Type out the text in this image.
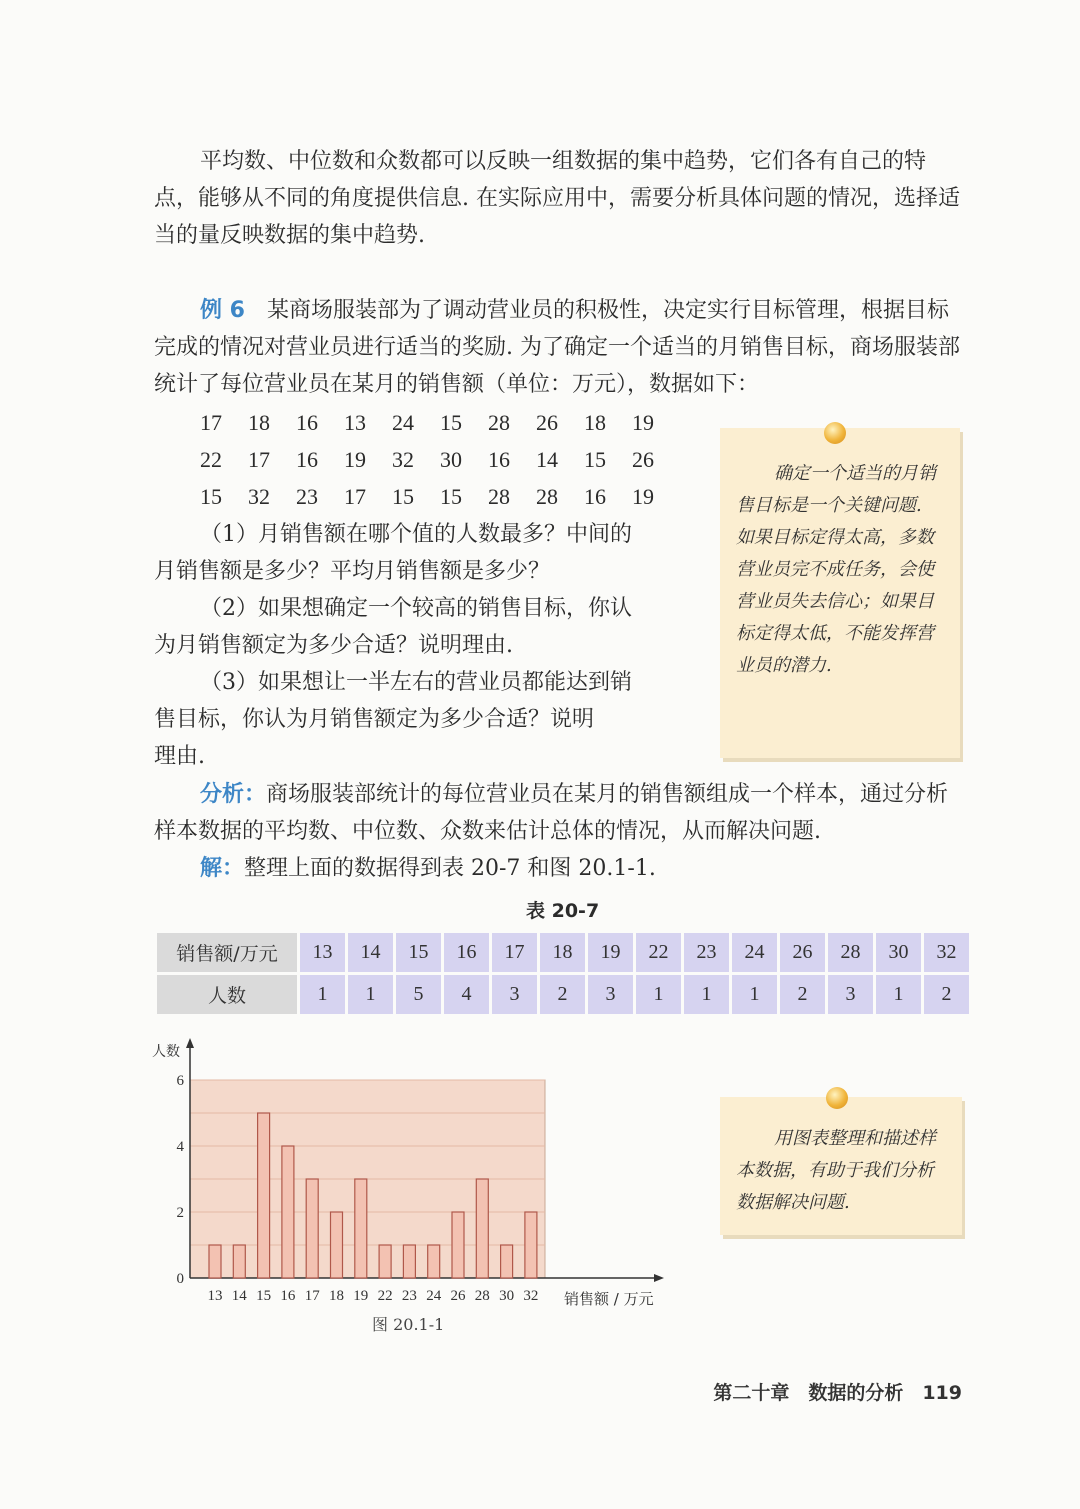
平均数、中位数和众数都可以反映一组数据的集中趋势，它们各有自己的特点，能够从不同的角度提供信息. 在实际应用中，需要分析具体问题的情况，选择适当的量反映数据的集中趋势.

例 6　 某商场服装部为了调动营业员的积极性，决定实行目标管理，根据目标完成的情况对营业员进行适当的奖励. 为了确定一个适当的月销售目标，商场服装部统计了每位营业员在某月的销售额（单位：万元），数据如下：

17 18 16 13 24 15 28 26 18 19
22 17 16 19 32 30 16 14 15 26
15 32 23 17 15 15 28 28 16 19

（1）月销售额在哪个值的人数最多？中间的

月销售额是多少？平均月销售额是多少？

（2）如果想确定一个较高的销售目标，你认

为月销售额定为多少合适？说明理由.

（3）如果想让一半左右的营业员都能达到销

售目标，你认为月销售额定为多少合适？说明

理由.

确定一个适当的月销售目标是一个关键问题. 如果目标定得太高，多数营业员完不成任务，会使营业员失去信心；如果目标定得太低，不能发挥营业员的潜力.

分析：商场服装部统计的每位营业员在某月的销售额组成一个样本，通过分析样本数据的平均数、中位数、众数来估计总体的情况，从而解决问题.

解：整理上面的数据得到表 20-7 和图 20.1-1.

表 20-7
销售额/万元	13	14	15	16	17	18	19	22	23	24	26	28	30	32
人数	1	1	5	4	3	2	3	1	1	1	2	3	1	2
人数
0
2
4
6
13 14 15 16 17 18 19 22 23 24 26 28 30 32 销售额 / 万元
图 20.1-1
用图表整理和描述样本数据，有助于我们分析数据解决问题.
第二十章　数据的分析　119
